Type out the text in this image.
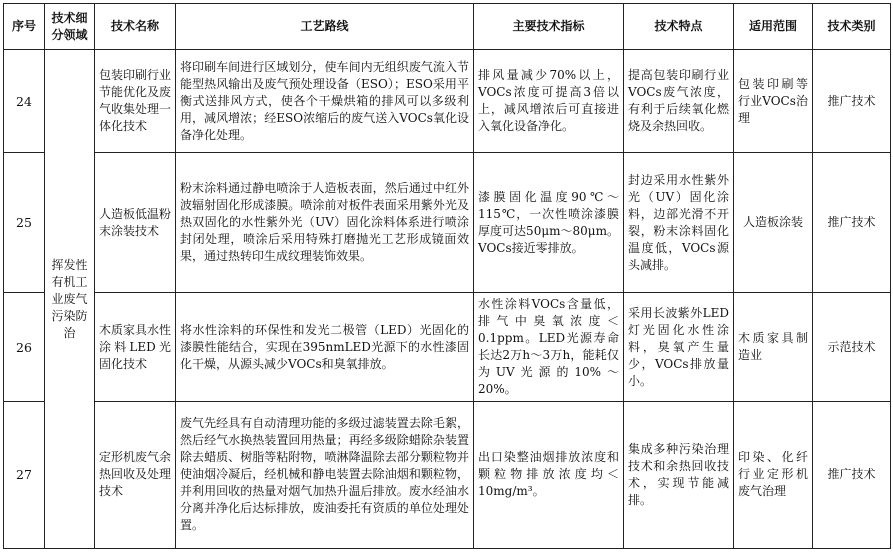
序号	技术细分领域	技术名称	工艺路线	主要技术指标	技术特点	适用范围	技术类别
24	挥发性有机工业废气污染防治	包装印刷行业节能优化及废气收集处理一体化技术	将印刷车间进行区域划分，使车间内无组织废气流入节能型热风输出及废气预处理设备（ESO）；ESO采用平衡式送排风方式，使各个干燥烘箱的排风可以多级利用，减风增浓；经ESO浓缩后的废气送入VOCs氧化设备净化处理。	排风量减少70%以上，VOCs浓度可提高3倍以上，减风增浓后可直接进入氧化设备净化。	提高包装印刷行业VOCs废气浓度，有利于后续氧化燃烧及余热回收。	包装印刷等行业VOCs治理	推广技术
25		人造板低温粉末涂装技术	粉末涂料通过静电喷涂于人造板表面，然后通过中红外波辐射固化形成漆膜。喷涂前对板件表面采用紫外光及热双固化的水性紫外光（UV）固化涂料体系进行喷涂封闭处理，喷涂后采用特殊打磨抛光工艺形成镜面效果，通过热转印生成纹理装饰效果。	漆膜固化温度90℃～115℃，一次性喷涂漆膜厚度可达50μm～80μm。VOCs接近零排放。	封边采用水性紫外光（UV）固化涂料，边部光滑不开裂，粉末涂料固化温度低，VOCs源头减排。	人造板涂装	推广技术
26		木质家具水性涂料LED光固化技术	将水性涂料的环保性和发光二极管（LED）光固化的漆膜性能结合，实现在395nmLED光源下的水性漆固化干燥，从源头减少VOCs和臭氧排放。	水性涂料VOCs含量低，排气中臭氧浓度＜0.1ppm。LED光源寿命长达2万h～3万h，能耗仅为UV光源的10%～20%。	采用长波紫外LED灯光固化水性涂料，臭氧产生量少，VOCs排放量小。	木质家具制造业	示范技术
27		定形机废气余热回收及处理技术	废气先经具有自动清理功能的多级过滤装置去除毛絮，然后经气水换热装置回用热量；再经多级除蜡除杂装置除去蜡质、树脂等粘附物，喷淋降温除去部分颗粒物并使油烟冷凝后，经机械和静电装置去除油烟和颗粒物，并利用回收的热量对烟气加热升温后排放。废水经油水分离并净化后达标排放，废油委托有资质的单位处理处置。	出口染整油烟排放浓度和颗粒物排放浓度均＜10mg/m³。	集成多种污染治理技术和余热回收技术，实现节能减排。	印染、化纤行业定形机废气治理	推广技术
